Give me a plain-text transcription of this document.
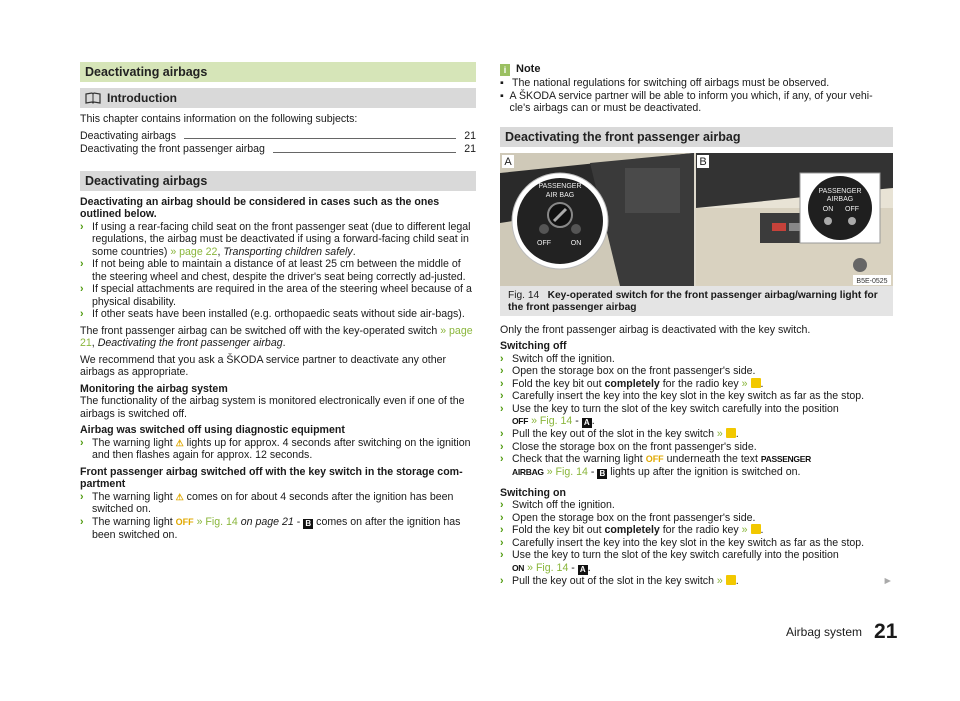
Deactivating airbags
Introduction

This chapter contains information on the following subjects:

Deactivating airbags	21
Deactivating the front passenger airbag	21
Deactivating airbags

Deactivating an airbag should be considered in cases such as the ones outlined below.

› If using a rear-facing child seat on the front passenger seat (due to different legal regulations, the airbag must be deactivated if using a forward-facing child seat in some countries) » page 22, Transporting children safely.
› If not being able to maintain a distance of at least 25 cm between the middle of the steering wheel and chest, despite the driver's seat being correctly ad-justed.
› If special attachments are required in the area of the steering wheel because of a physical disability.
› If other seats have been installed (e.g. orthopaedic seats without side air-bags).

The front passenger airbag can be switched off with the key-operated switch » page 21, Deactivating the front passenger airbag.

We recommend that you ask a ŠKODA service partner to deactivate any other airbags as appropriate.

Monitoring the airbag system

The functionality of the airbag system is monitored electronically even if one of the airbags is switched off.

Airbag was switched off using diagnostic equipment
› The warning light ⚠ lights up for approx. 4 seconds after switching on the ignition and then flashes again for approx. 12 seconds.
Front passenger airbag switched off with the key switch in the storage com-partment
› The warning light ⚠ comes on for about 4 seconds after the ignition has been switched on.
› The warning light OFF » Fig. 14 on page 21 - B comes on after the ignition has been switched on.
i Note
▪ The national regulations for switching off airbags must be observed.
▪ A ŠKODA service partner will be able to inform you which, if any, of your vehi-cle's airbags can or must be deactivated.
Deactivating the front passenger airbag
PASSENGER
AIR BAG
OFF	ON
A
PASSENGER
AIRBAG
ON OFF
B
B5E-0525
Fig. 14 Key-operated switch for the front passenger airbag/warning light for the front passenger airbag

Only the front passenger airbag is deactivated with the key switch.

Switching off
› Switch off the ignition.
› Open the storage box on the front passenger's side.
› Fold the key bit out completely for the radio key » .
› Carefully insert the key into the key slot in the key switch as far as the stop.
› Use the key to turn the slot of the key switch carefully into the position
OFF » Fig. 14 - A .
› Pull the key out of the slot in the key switch » .
› Close the storage box on the front passenger's side.
› Check that the warning light OFF underneath the text PASSENGER
AIRBAG » Fig. 14 - B lights up after the ignition is switched on.
Switching on
› Switch off the ignition.
› Open the storage box on the front passenger's side.
› Fold the key bit out completely for the radio key » .
› Carefully insert the key into the key slot in the key switch as far as the stop.
› Use the key to turn the slot of the key switch carefully into the position
ON » Fig. 14 - A .
› Pull the key out of the slot in the key switch » .	►
Airbag system 21
